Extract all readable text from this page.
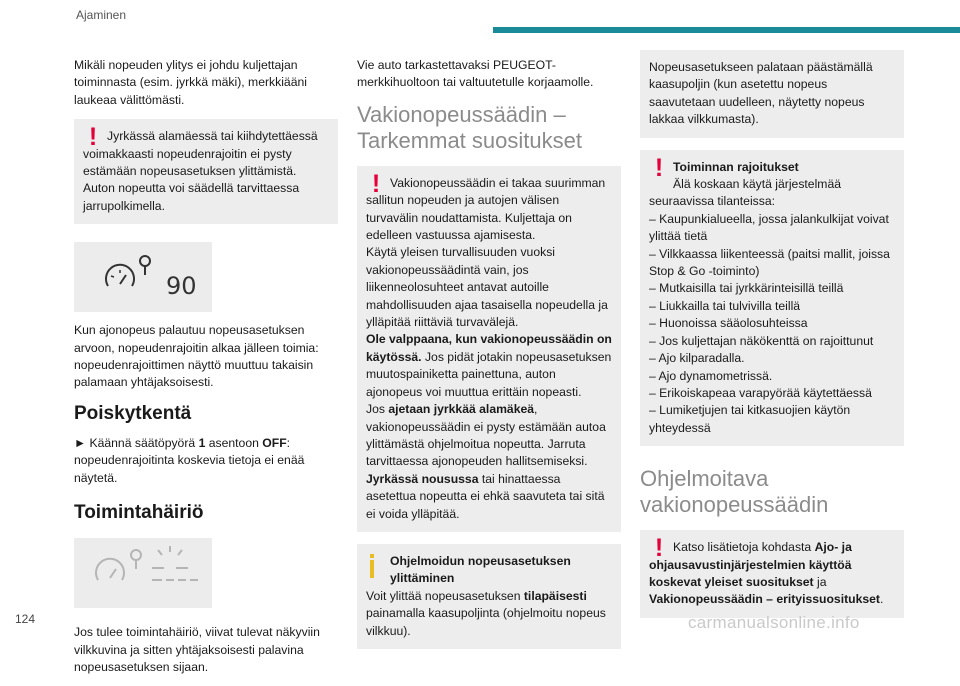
Ajaminen

Mikäli nopeuden ylitys ei johdu kuljettajan toiminnasta (esim. jyrkkä mäki), merkkiääni laukeaa välittömästi.

! Jyrkässä alamäessä tai kiihdytettäessä voimakkaasti nopeudenrajoitin ei pysty
estämään nopeusasetuksen ylittämistä. Auton nopeutta voi säädellä tarvittaessa jarrupolkimella.
90

Kun ajonopeus palautuu nopeusasetuksen arvoon, nopeudenrajoitin alkaa jälleen toimia: nopeudenrajoittimen näyttö muuttuu takaisin palamaan yhtäjaksoisesti.

Poiskytkentä

► Käännä säätöpyörä 1 asentoon OFF: nopeudenrajoitinta koskevia tietoja ei enää näytetä.

Toimintahäiriö

Jos tulee toimintahäiriö, viivat tulevat näkyviin vilkkuvina ja sitten yhtäjaksoisesti palavina nopeusasetuksen sijaan.

Vie auto tarkastettavaksi PEUGEOT-merkkihuoltoon tai valtuutetulle korjaamolle.

Vakionopeussäädin –
Tarkemmat suositukset
! Vakionopeussäädin ei takaa suurimman sallitun nopeuden ja autojen välisen
turvavälin noudattamista. Kuljettaja on edelleen vastuussa ajamisesta.
Käytä yleisen turvallisuuden vuoksi vakionopeussäädintä vain, jos liikenneolosuhteet antavat autoille mahdollisuuden ajaa tasaisella nopeudella ja ylläpitää riittäviä turvavälejä.
Ole valppaana, kun vakionopeussäädin on käytössä. Jos pidät jotakin nopeusasetuksen muutospainiketta painettuna, auton ajonopeus voi muuttua erittäin nopeasti.
Jos ajetaan jyrkkää alamäkeä, vakionopeussäädin ei pysty estämään autoa ylittämästä ohjelmoitua nopeutta. Jarruta tarvittaessa ajonopeuden hallitsemiseksi.
Jyrkässä nousussa tai hinattaessa asetettua nopeutta ei ehkä saavuteta tai sitä ei voida ylläpitää.
Ohjelmoidun nopeusasetuksen
ylittäminen
Voit ylittää nopeusasetuksen tilapäisesti painamalla kaasupoljinta (ohjelmoitu nopeus vilkkuu).
Nopeusasetukseen palataan päästämällä kaasupoljin (kun asetettu nopeus saavutetaan uudelleen, näytetty nopeus lakkaa vilkkumasta).
! Toiminnan rajoitukset
Älä koskaan käytä järjestelmää
seuraavissa tilanteissa:
– Kaupunkialueella, jossa jalankulkijat voivat ylittää tietä
– Vilkkaassa liikenteessä (paitsi mallit, joissa Stop & Go -toiminto)
– Mutkaisilla tai jyrkkärinteisillä teillä
– Liukkailla tai tulvivilla teillä
– Huonoissa sääolosuhteissa
– Jos kuljettajan näkökenttä on rajoittunut
– Ajo kilparadalla.
– Ajo dynamometrissä.
– Erikoiskapeaa varapyörää käytettäessä
– Lumiketjujen tai kitkasuojien käytön yhteydessä
Ohjelmoitava
vakionopeussäädin
! Katso lisätietoja kohdasta Ajo- ja ohjausavustinjärjestelmien käyttöä koskevat yleiset suositukset ja Vakionopeussäädin – erityissuositukset.
124	carmanualsonline.info
